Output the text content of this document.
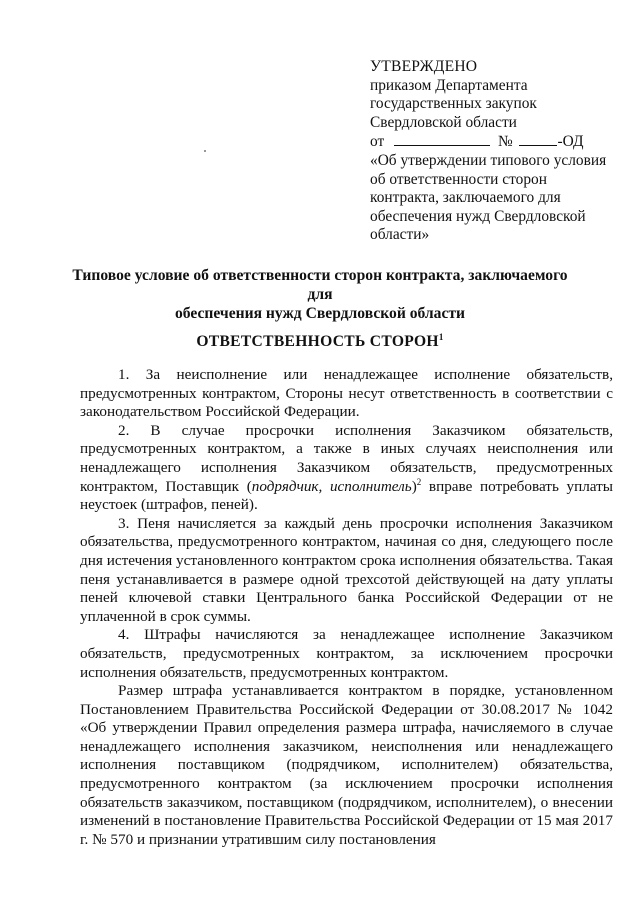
УТВЕРЖДЕНО
приказом Департамента
государственных закупок
Свердловской области
от	№	-ОД
«Об утверждении типового условия
об ответственности сторон
контракта, заключаемого для
обеспечения нужд Свердловской
области»
Типовое условие об ответственности сторон контракта, заключаемого для
обеспечения нужд Свердловской области
ОТВЕТСТВЕННОСТЬ СТОРОН$^1$

1. За неисполнение или ненадлежащее исполнение обязательств, предусмотренных контрактом, Стороны несут ответственность в соответствии с законодательством Российской Федерации.

2. В случае просрочки исполнения Заказчиком обязательств, предусмотренных контрактом, а также в иных случаях неисполнения или ненадлежащего исполнения Заказчиком обязательств, предусмотренных контрактом, Поставщик (подрядчик, исполнитель)$^2$ вправе потребовать уплаты неустоек (штрафов, пеней).

3. Пеня начисляется за каждый день просрочки исполнения Заказчиком обязательства, предусмотренного контрактом, начиная со дня, следующего после дня истечения установленного контрактом срока исполнения обязательства. Такая пеня устанавливается в размере одной трехсотой действующей на дату уплаты пеней ключевой ставки Центрального банка Российской Федерации от не уплаченной в срок суммы.

4. Штрафы начисляются за ненадлежащее исполнение Заказчиком обязательств, предусмотренных контрактом, за исключением просрочки исполнения обязательств, предусмотренных контрактом.

Размер штрафа устанавливается контрактом в порядке, установленном Постановлением Правительства Российской Федерации от 30.08.2017 № 1042 «Об утверждении Правил определения размера штрафа, начисляемого в случае ненадлежащего исполнения заказчиком, неисполнения или ненадлежащего исполнения поставщиком (подрядчиком, исполнителем) обязательства, предусмотренного контрактом (за исключением просрочки исполнения обязательств заказчиком, поставщиком (подрядчиком, исполнителем), о внесении изменений в постановление Правительства Российской Федерации от 15 мая 2017 г. № 570 и признании утратившим силу постановления
